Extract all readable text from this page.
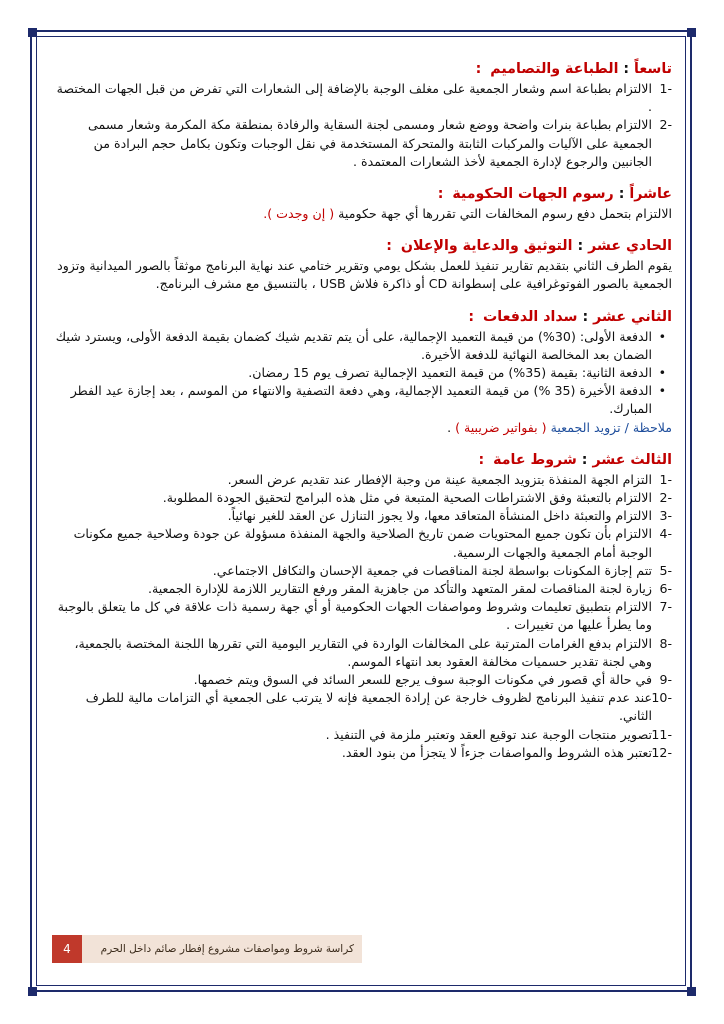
تاسعاً : الطباعة والتصاميم :

-1
الالتزام بطباعة اسم وشعار الجمعية على مغلف الوجبة بالإضافة إلى الشعارات التي تفرض من قبل الجهات المختصة .
-2
الالتزام بطباعة بنرات واضحة ووضع شعار ومسمى لجنة السقاية والرفادة بمنطقة مكة المكرمة وشعار مسمى الجمعية على الآليات والمركبات الثابتة والمتحركة المستخدمة في نقل الوجبات وتكون بكامل حجم البرادة من الجانبين والرجوع لإدارة الجمعية لأخذ الشعارات المعتمدة .

عاشراً : رسوم الجهات الحكومية :

الالتزام بتحمل دفع رسوم المخالفات التي تقررها أي جهة حكومية ( إن وجدت ).

الحادي عشر : التوثيق والدعاية والإعلان :

يقوم الطرف الثاني بتقديم تقارير تنفيذ للعمل بشكل يومي وتقرير ختامي عند نهاية البرنامج موثقاً بالصور الميدانية وتزود الجمعية بالصور الفوتوغرافية على إسطوانة CD أو ذاكرة فلاش USB ، بالتنسيق مع مشرف البرنامج.

الثاني عشر : سداد الدفعات :

•
الدفعة الأولى: (30%) من قيمة التعميد الإجمالية، على أن يتم تقديم شيك كضمان بقيمة الدفعة الأولى، ويسترد شيك الضمان بعد المخالصة النهائية للدفعة الأخيرة.
•
الدفعة الثانية: بقيمة (35%) من قيمة التعميد الإجمالية تصرف يوم 15 رمضان.
•
الدفعة الأخيرة (35 %) من قيمة التعميد الإجمالية، وهي دفعة التصفية والانتهاء من الموسم ، بعد إجازة عيد الفطر المبارك.

ملاحظة / تزويد الجمعية ( بفواتير ضريبية ) .

الثالث عشر : شروط عامة :

-1
التزام الجهة المنفذة بتزويد الجمعية عينة من وجبة الإفطار عند تقديم عرض السعر.
-2
الالتزام بالتعبئة وفق الاشتراطات الصحية المتبعة في مثل هذه البرامج لتحقيق الجودة المطلوبة.
-3
الالتزام والتعبئة داخل المنشأة المتعاقد معها، ولا يجوز التنازل عن العقد للغير نهائياً.
-4
الالتزام بأن تكون جميع المحتويات ضمن تاريخ الصلاحية والجهة المنفذة مسؤولة عن جودة وصلاحية جميع مكونات الوجبة أمام الجمعية والجهات الرسمية.
-5
تتم إجازة المكونات بواسطة لجنة المناقصات في جمعية الإحسان والتكافل الاجتماعي.
-6
زيارة لجنة المناقصات لمقر المتعهد والتأكد من جاهزية المقر ورفع التقارير اللازمة للإدارة الجمعية.
-7
الالتزام بتطبيق تعليمات وشروط ومواصفات الجهات الحكومية أو أي جهة رسمية ذات علاقة في كل ما يتعلق بالوجبة وما يطرأ عليها من تغييرات .
-8
الالتزام بدفع الغرامات المترتبة على المخالفات الواردة في التقارير اليومية التي تقررها اللجنة المختصة بالجمعية، وهي لجنة تقدير حسميات مخالفة العقود بعد انتهاء الموسم.
-9
في حالة أي قصور في مكونات الوجبة سوف يرجع للسعر السائد في السوق ويتم خصمها.
-10
عند عدم تنفيذ البرنامج لظروف خارجة عن إرادة الجمعية فإنه لا يترتب على الجمعية أي التزامات مالية للطرف الثاني.
-11
تصوير منتجات الوجبة عند توقيع العقد وتعتبر ملزمة في التنفيذ .
-12
تعتبر هذه الشروط والمواصفات جزءاً لا يتجزأ من بنود العقد.
4	كراسة شروط ومواصفات مشروع إفطار صائم داخل الحرم
